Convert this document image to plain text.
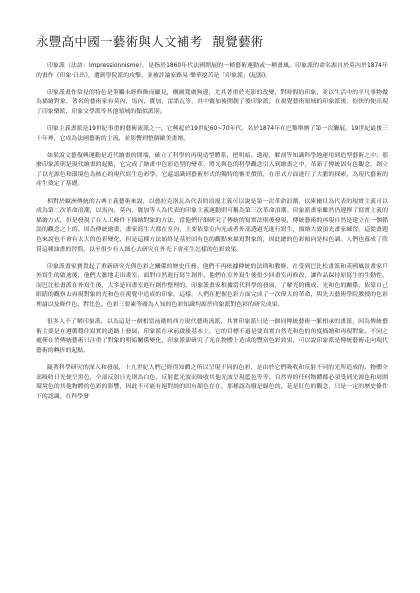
永豐高中國一藝術與人文補考 靚覺藝術

印象派（法語：Impressionnisme），是指於1860年代法國開展的一種藝術運動或一種畫風。印象派的命名源自於莫內於1874年的畫作《印象·日出》，遭到學院派的攻擊，並被評論家路易·樂華挖苦是「印象派」(起源)。

印象派畫作常見的特色是筆觸未經修飾而顯見，構圖寬廣無邊，尤其著重於光影的改變、對時間的印象，並以生活中的平凡事物做為描繪對象。著名的藝術家有莫內、馬內、竇加、雷諾瓦等，其中竇加後開創了後印象派。在視覺藝術領域的印象派後，很快的便出現了印象樂派、印象文學派等其他領域的類似派別。

印象主義畫派是19世紀事重的藝術流派之一，它興起於19世紀60~70年代，名於1874年在巴黎舉辦了第一次聯展，19世紀最後三十年裡，它成為法國藝術的主流，並影響到整個歐美畫壇。

如果說文藝復興運動是近代繪畫的開端，確立了科學的再現造型體系，把明暗、透視、解剖等知識科學地運用到造型藝術之中；那麼印象派則是現代繪畫的起點，它完成了繪畫中色彩造型的變革，將光與色的科學觀念引入到繪畫之中，革新了傳統固有色觀念，創立了以光源色和環境色為核心的現代寫生色彩學。它還認識到藝術形式的獨特的審美價值，在形式方面進行了大膽的探索，為現代藝術的產生奠定了基礎。

相對於歐洲傳統的古典主義藝術來說，以德拉克洛瓦為代表的浪漫主義可以說是第一次革命浪潮，以庫爾貝為代表的現實主義可以成為第二次革命浪潮，以馬內、莫內、竇加等人為代表的印象主義運動則可稱為第三次革命浪潮。印象派畫家雖然仍遵擇了寫實主義的描繪方式，但是發現了在人工條件下描繪對象的方法，當他們仔細研究了傳統的寫實法則後發現，傳統藝術的再現自然是建立在一個錯誤的觀念之上的。因為傳統繪畫，畫家寫生大都在室內，主要依靠室內光或者外部透過光進行寫生，描繪大致頂光畫家練習。這從畫題色來說也不會有太大的色彩變化，但是這種方法始終是基於固有色的觀點來描寫對象的，因此總的色彩傾向是棕色調。人們也養成了欣賞這種油畫的習慣，以至很少有人細心去研究在外光下會產生怎樣的色彩效果。

印象派畫家寶貴起了重新研究光與色彩之關係的歷史任務。他們不再依據傳統的法則和教條，在受到巴比松畫派和英國風景畫家戶外寫生的啟迪後，他們大膽地走出畫室，面對自然進行寫生創作。他們在室外寫生後很少回畫室再修改，讓作品保持原寫生的生動性。而巴比松畫派在外寫生後，大多是回畫室進行創作整理的。印象派畫家根據當代科學的發展，了解光的構成、光和色的關係、依靠自己眼睛的觀察去再現對象的光和色在視覺中造成的印象。這樣，人們在把握色彩方面完成了一次偉大的革命，與先天藝術學院教授的色彩理論以及條件色、對比色、色彩三要素等廣為人知的色彩知識均源於印象派對色彩的研究成果。

很多人不了解印象派，以為這是一個相當前衛的西方現代藝術流派，其實印象派只是一個同傳統藝術一脈相承的畫派，因為傳統藝術主要是在遵循穩住寫實的道路上發展，印象派在承前啟後基本上，它的目標不過是要真實自然光和色的角度描繪和再現對象。不同之處僅在於傳統藝術只注重了對象的明暗關係變化，印象派卻研究了光在物體上造成的豐富色彩效果，可以說印象派是傳統藝術走向現代藝術的轉折的起點。

隨著科學研究的深入和發展，十九世紀人們已經得知體之所以呈現不同的色彩，是由於它們吸收和反射不同的光所造成的。物體全部吸收日光便呈黑色，全部反射日光則為白色，反射藍光波而吸收其他光波呈現藍色等等。自然界的任何物體都必須受到光源色和周圍環境色的其他物體的色彩的影響，因此不可能有絕對純的固有顏色存在，那種認為樹是綠色的，花是紅色的觀念，只是一定的歷史條件下的認識。在科學發
